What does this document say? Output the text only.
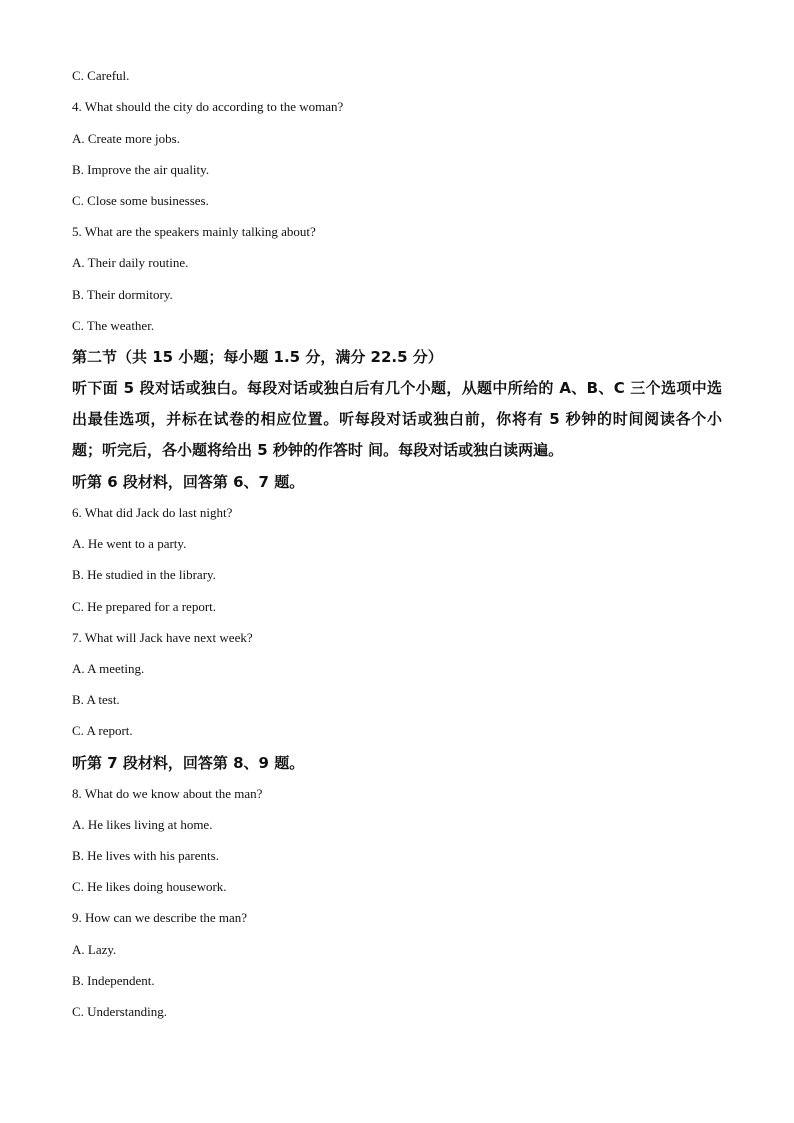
C. Careful.
4. What should the city do according to the woman?
A. Create more jobs.
B. Improve the air quality.
C. Close some businesses.
5. What are the speakers mainly talking about?
A. Their daily routine.
B. Their dormitory.
C. The weather.
第二节（共 15 小题；每小题 1.5 分，满分 22.5 分）
听下面 5 段对话或独白。每段对话或独白后有几个小题，从题中所给的 A、B、C 三个选项中选出最佳选项，并标在试卷的相应位置。听每段对话或独白前，你将有 5 秒钟的时间阅读各个小题；听完后，各小题将给出 5 秒钟的作答时 间。每段对话或独白读两遍。
听第 6 段材料，回答第 6、7 题。
6. What did Jack do last night?
A. He went to a party.
B. He studied in the library.
C. He prepared for a report.
7. What will Jack have next week?
A. A meeting.
B. A test.
C. A report.
听第 7 段材料，回答第 8、9 题。
8. What do we know about the man?
A. He likes living at home.
B. He lives with his parents.
C. He likes doing housework.
9. How can we describe the man?
A. Lazy.
B. Independent.
C. Understanding.
